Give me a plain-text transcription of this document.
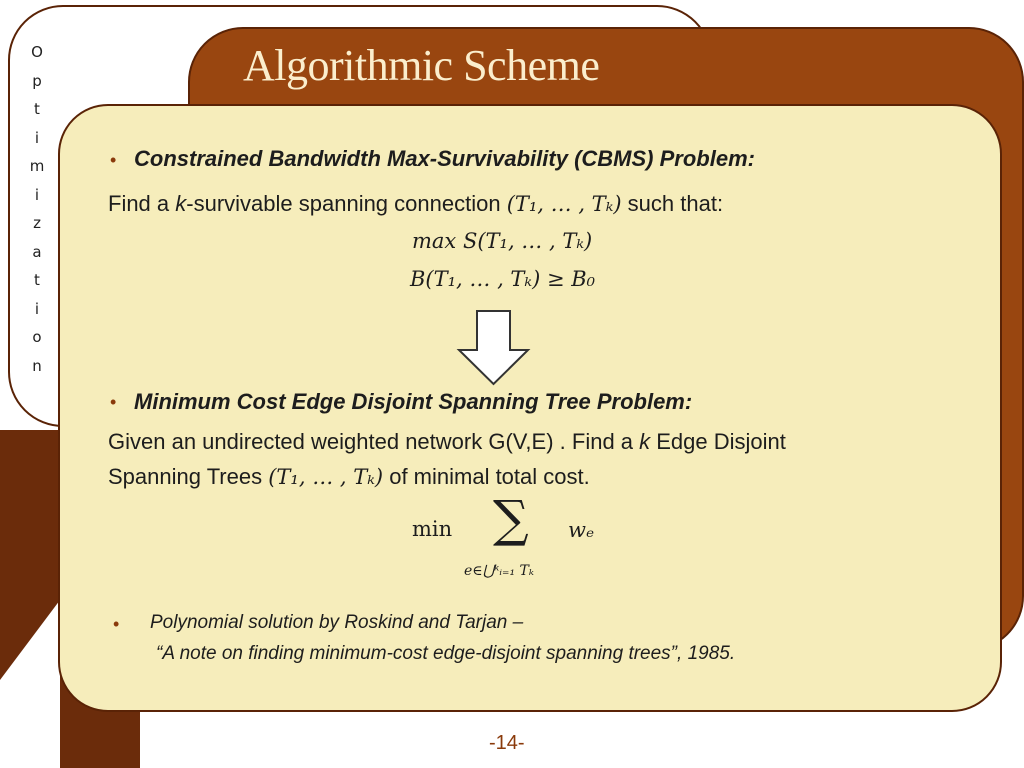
O
p
t
i
m
i
z
a
t
i
o
n
Algorithmic Scheme
• Constrained Bandwidth Max-Survivability (CBMS) Problem:
Find a k-survivable spanning connection (T₁, … , Tₖ) such that:
max S(T₁, … , Tₖ)
B(T₁, … , Tₖ) ≥ B₀
• Minimum Cost Edge Disjoint Spanning Tree Problem:
Given an undirected weighted network G(V,E) . Find a k Edge Disjoint
Spanning Trees (T₁, … , Tₖ) of minimal total cost.
min ∑
e∈⋃ᵏᵢ₌₁ Tₖ
wₑ
• Polynomial solution by Roskind and Tarjan –
“A note on finding minimum-cost edge-disjoint spanning trees”, 1985.
-14-
